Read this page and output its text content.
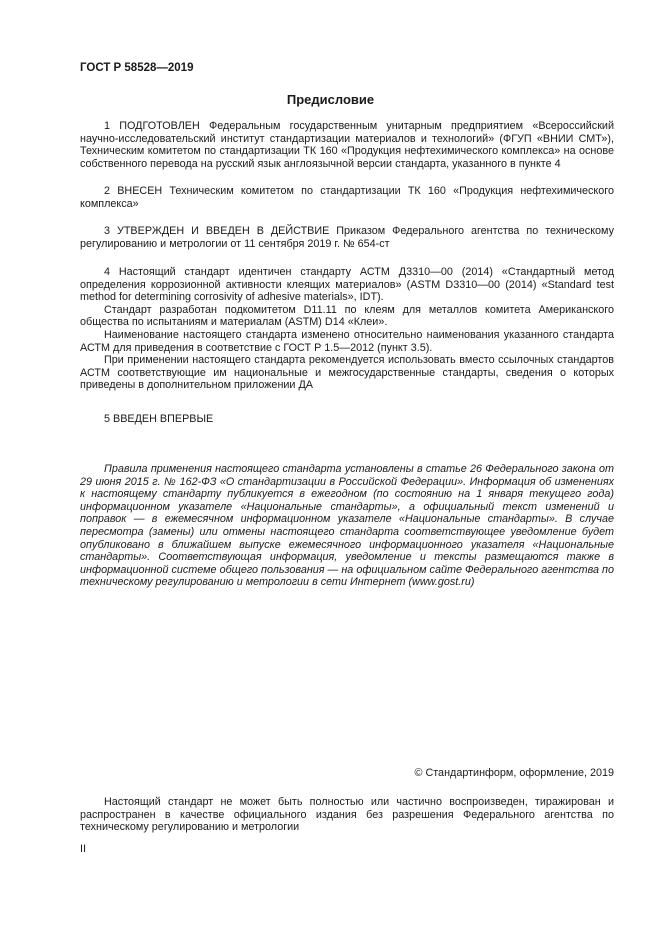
ГОСТ Р 58528—2019
Предисловие

1 ПОДГОТОВЛЕН Федеральным государственным унитарным предприятием «Всероссийский научно-исследовательский институт стандартизации материалов и технологий» (ФГУП «ВНИИ СМТ»), Техническим комитетом по стандартизации ТК 160 «Продукция нефтехимического комплекса» на основе собственного перевода на русский язык англоязычной версии стандарта, указанного в пункте 4

2 ВНЕСЕН Техническим комитетом по стандартизации ТК 160 «Продукция нефтехимического комплекса»

3 УТВЕРЖДЕН И ВВЕДЕН В ДЕЙСТВИЕ Приказом Федерального агентства по техническому регулированию и метрологии от 11 сентября 2019 г. № 654-ст

4 Настоящий стандарт идентичен стандарту АСТМ Д3310—00 (2014) «Стандартный метод определения коррозионной активности клеящих материалов» (ASTM D3310—00 (2014) «Standard test method for determining corrosivity of adhesive materials», IDT).

Стандарт разработан подкомитетом D11.11 по клеям для металлов комитета Американского общества по испытаниям и материалам (ASTM) D14 «Клеи».

Наименование настоящего стандарта изменено относительно наименования указанного стандарта АСТМ для приведения в соответствие с ГОСТ Р 1.5—2012 (пункт 3.5).

При применении настоящего стандарта рекомендуется использовать вместо ссылочных стандартов АСТМ соответствующие им национальные и межгосударственные стандарты, сведения о которых приведены в дополнительном приложении ДА

5 ВВЕДЕН ВПЕРВЫЕ

Правила применения настоящего стандарта установлены в статье 26 Федерального закона от 29 июня 2015 г. № 162-ФЗ «О стандартизации в Российской Федерации». Информация об изменениях к настоящему стандарту публикуется в ежегодном (по состоянию на 1 января текущего года) информационном указателе «Национальные стандарты», а официальный текст изменений и поправок — в ежемесячном информационном указателе «Национальные стандарты». В случае пересмотра (замены) или отмены настоящего стандарта соответствующее уведомление будет опубликовано в ближайшем выпуске ежемесячного информационного указателя «Национальные стандарты». Соответствующая информация, уведомление и тексты размещаются также в информационной системе общего пользования — на официальном сайте Федерального агентства по техническому регулированию и метрологии в сети Интернет (www.gost.ru)

© Стандартинформ, оформление, 2019

Настоящий стандарт не может быть полностью или частично воспроизведен, тиражирован и распространен в качестве официального издания без разрешения Федерального агентства по техническому регулированию и метрологии

II
